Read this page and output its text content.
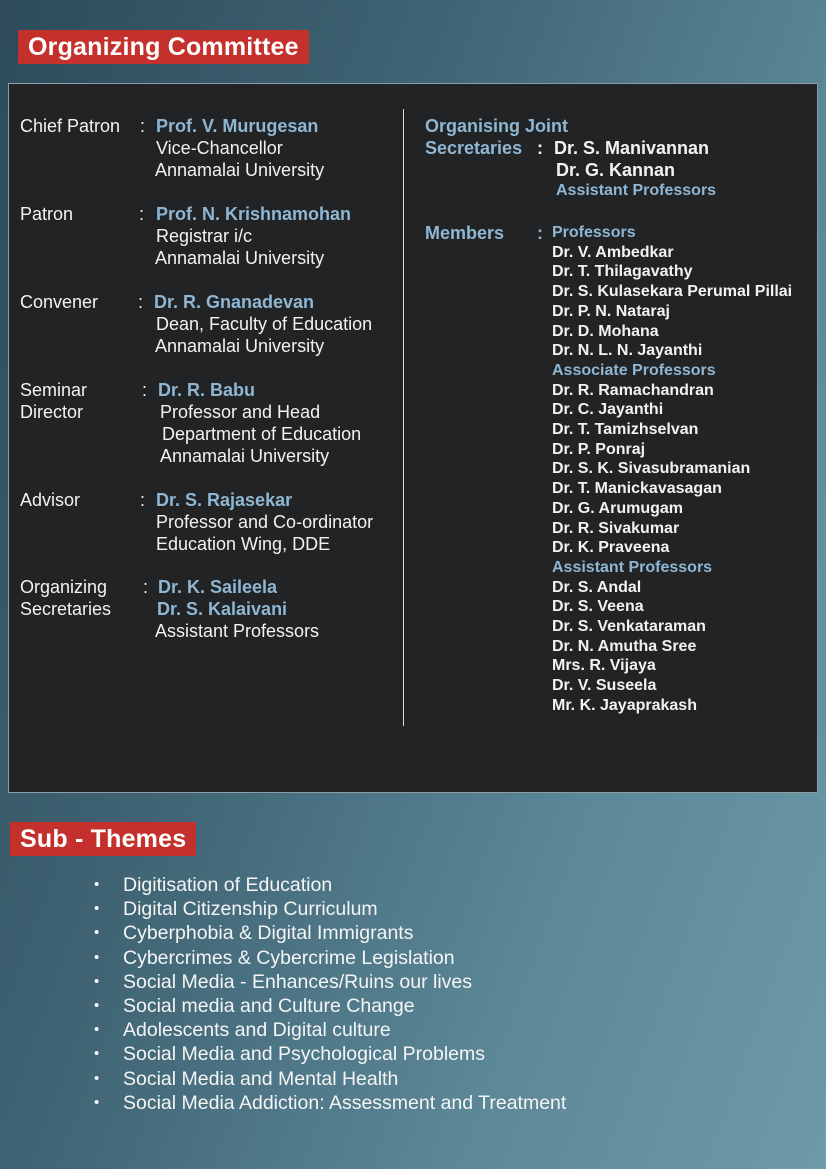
Organizing Committee
Chief Patron : Prof. V. Murugesan
Vice-Chancellor
Annamalai University
Patron	: Prof. N. Krishnamohan
Registrar i/c
Annamalai University
Convener : Dr. R. Gnanadevan
Dean, Faculty of Education
Annamalai University
Seminar
Director
: Dr. R. Babu
Professor and Head
Department of Education
Annamalai University
Advisor	: Dr. S. Rajasekar
Professor and Co-ordinator
Education Wing, DDE
Organizing
Secretaries
: Dr. K. Saileela
Dr. S. Kalaivani
Assistant Professors
Organising Joint
Secretaries : Dr. S. Manivannan
Dr. G. Kannan
Assistant Professors
Members : Professors
Dr. V. Ambedkar
Dr. T. Thilagavathy
Dr. S. Kulasekara Perumal Pillai
Dr. P. N. Nataraj
Dr. D. Mohana
Dr. N. L. N. Jayanthi
Associate Professors
Dr. R. Ramachandran
Dr. C. Jayanthi
Dr. T. Tamizhselvan
Dr. P. Ponraj
Dr. S. K. Sivasubramanian
Dr. T. Manickavasagan
Dr. G. Arumugam
Dr. R. Sivakumar
Dr. K. Praveena
Assistant Professors
Dr. S. Andal
Dr. S. Veena
Dr. S. Venkataraman
Dr. N. Amutha Sree
Mrs. R. Vijaya
Dr. V. Suseela
Mr. K. Jayaprakash
Sub - Themes
• Digitisation of Education
• Digital Citizenship Curriculum
• Cyberphobia & Digital Immigrants
• Cybercrimes & Cybercrime Legislation
• Social Media - Enhances/Ruins our lives
• Social media and Culture Change
• Adolescents and Digital culture
• Social Media and Psychological Problems
• Social Media and Mental Health
• Social Media Addiction: Assessment and Treatment
